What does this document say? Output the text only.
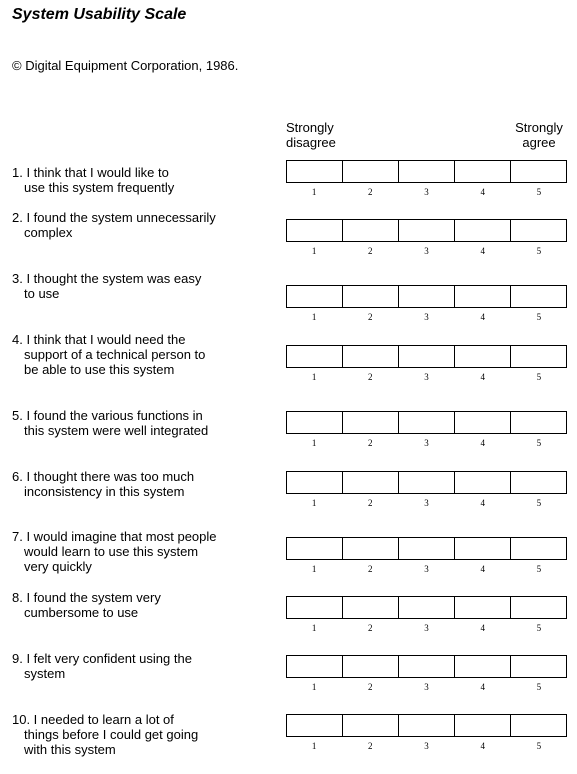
System Usability Scale
© Digital Equipment Corporation, 1986.
Strongly
disagree
Strongly
agree
1. I think that I would like to
use this system frequently	1	2	3	4	5
2. I found the system unnecessarily
complex
1	2	3	4	5
3. I thought the system was easy
to use
1	2	3	4	5
4. I think that I would need the
support of a technical person to
be able to use this system	1	2	3	4	5
5. I found the various functions in
this system were well integrated
1	2	3	4	5
6. I thought there was too much
inconsistency in this system
1	2	3	4	5
7. I would imagine that most people
would learn to use this system
very quickly	1	2	3	4	5
8. I found the system very
cumbersome to use
1	2	3	4	5
9. I felt very confident using the
system
1	2	3	4	5
10. I needed to learn a lot of
things before I could get going
with this system	1	2	3	4	5
